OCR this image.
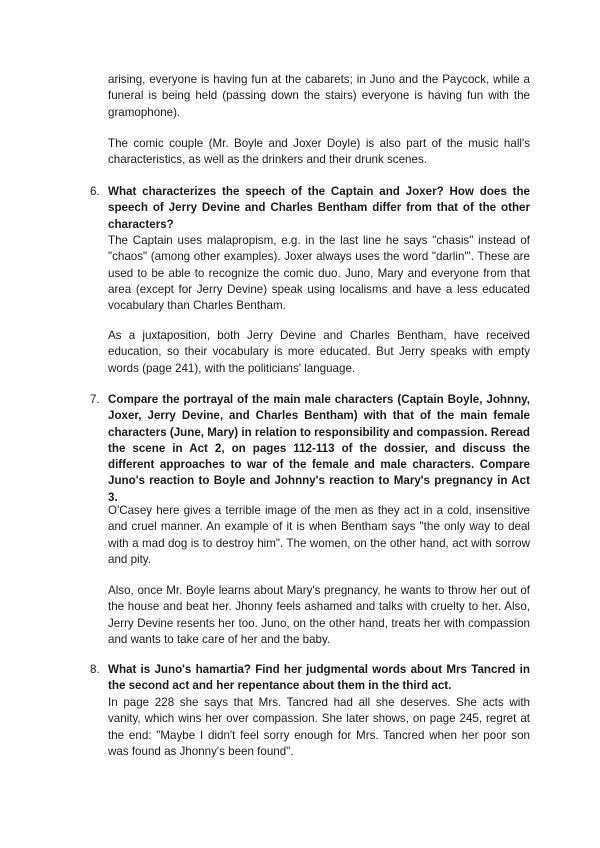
arising, everyone is having fun at the cabarets; in Juno and the Paycock, while a funeral is being held (passing down the stairs) everyone is having fun with the gramophone).

The comic couple (Mr. Boyle and Joxer Doyle) is also part of the music hall's characteristics, as well as the drinkers and their drunk scenes.

6. What characterizes the speech of the Captain and Joxer? How does the speech of Jerry Devine and Charles Bentham differ from that of the other characters?

The Captain uses malapropism, e.g. in the last line he says "chasis" instead of "chaos" (among other examples). Joxer always uses the word "darlin'". These are used to be able to recognize the comic duo. Juno, Mary and everyone from that area (except for Jerry Devine) speak using localisms and have a less educated vocabulary than Charles Bentham.

As a juxtaposition, both Jerry Devine and Charles Bentham, have received education, so their vocabulary is more educated. But Jerry speaks with empty words (page 241), with the politicians' language.

7. Compare the portrayal of the main male characters (Captain Boyle, Johnny, Joxer, Jerry Devine, and Charles Bentham) with that of the main female characters (June, Mary) in relation to responsibility and compassion. Reread the scene in Act 2, on pages 112-113 of the dossier, and discuss the different approaches to war of the female and male characters. Compare Juno's reaction to Boyle and Johnny's reaction to Mary's pregnancy in Act 3.

O'Casey here gives a terrible image of the men as they act in a cold, insensitive and cruel manner. An example of it is when Bentham says "the only way to deal with a mad dog is to destroy him". The women, on the other hand, act with sorrow and pity.

Also, once Mr. Boyle learns about Mary's pregnancy, he wants to throw her out of the house and beat her. Jhonny feels ashamed and talks with cruelty to her. Also, Jerry Devine resents her too. Juno, on the other hand, treats her with compassion and wants to take care of her and the baby.

8. What is Juno's hamartia? Find her judgmental words about Mrs Tancred in the second act and her repentance about them in the third act.

In page 228 she says that Mrs. Tancred had all she deserves. She acts with vanity, which wins her over compassion. She later shows, on page 245, regret at the end: "Maybe I didn't feel sorry enough for Mrs. Tancred when her poor son was found as Jhonny's been found".
